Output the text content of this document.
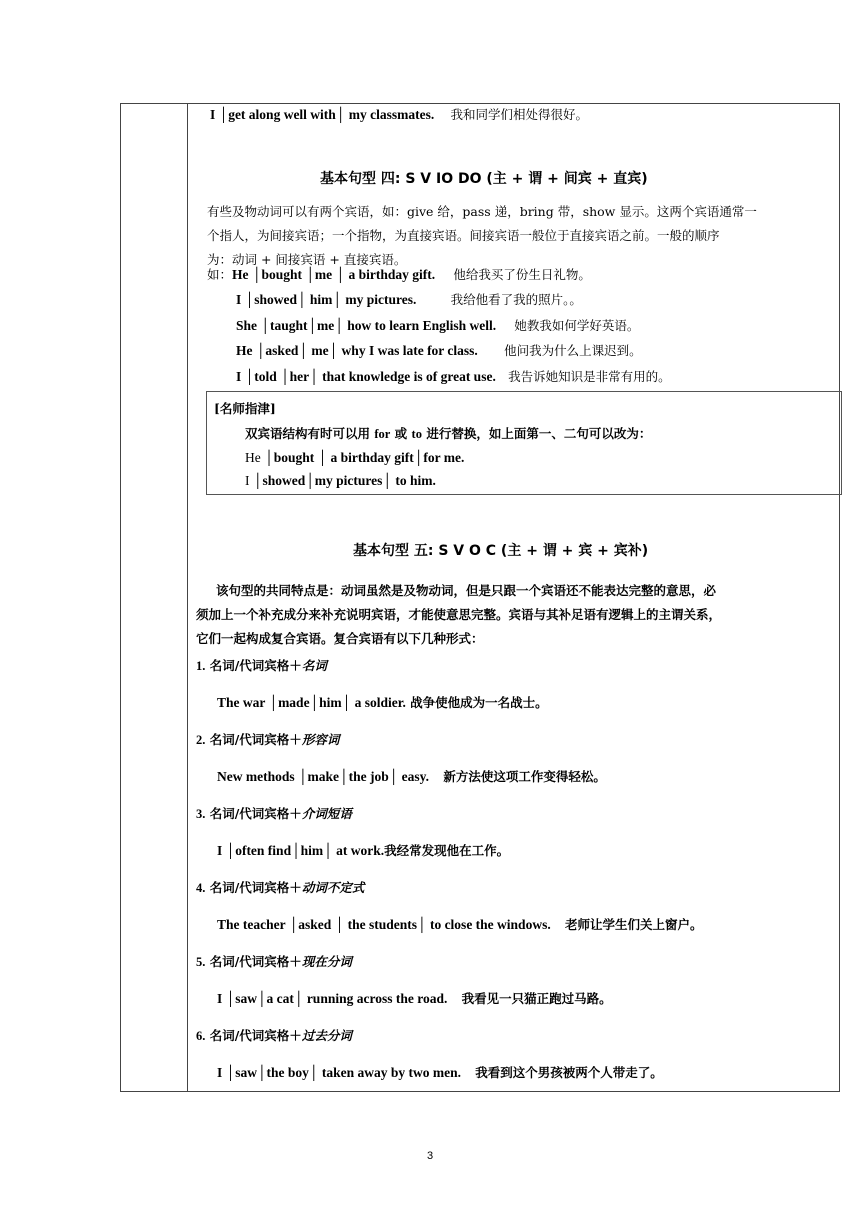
I │get along well with│ my classmates. 我和同学们相处得很好。
基本句型 四: S V IO DO (主 + 谓 + 间宾 + 直宾)
有些及物动词可以有两个宾语，如：give 给，pass 递，bring 带，show 显示。这两个宾语通常一
个指人，为间接宾语；一个指物，为直接宾语。间接宾语一般位于直接宾语之前。一般的顺序
为：动词 + 间接宾语 + 直接宾语。
如：He │bought │me │ a birthday gift. 他给我买了份生日礼物。
I │showed│ him│ my pictures.	我给他看了我的照片。。
She │taught│me│ how to learn English well. 她教我如何学好英语。
He │asked│ me│ why I was late for class. 他问我为什么上课迟到。
I │told │her│ that knowledge is of great use. 我告诉她知识是非常有用的。
[名师指津]
双宾语结构有时可以用 for 或 to 进行替换，如上面第一、二句可以改为：
He │bought │ a birthday gift│for me.
I │showed│my pictures│ to him.
基本句型 五: S V O C (主 + 谓 + 宾 + 宾补)
该句型的共同特点是：动词虽然是及物动词，但是只跟一个宾语还不能表达完整的意思，必
须加上一个补充成分来补充说明宾语，才能使意思完整。宾语与其补足语有逻辑上的主谓关系，
它们一起构成复合宾语。复合宾语有以下几种形式：
1. 名词/代词宾格＋名词
The war │made│him│ a soldier. 战争使他成为一名战士。
2. 名词/代词宾格＋形容词
New methods │make│the job│ easy. 新方法使这项工作变得轻松。
3. 名词/代词宾格＋介词短语
I │often find│him│ at work.我经常发现他在工作。
4. 名词/代词宾格＋动词不定式
The teacher │asked │ the students│ to close the windows. 老师让学生们关上窗户。
5. 名词/代词宾格＋现在分词
I │saw│a cat│ running across the road. 我看见一只猫正跑过马路。
6. 名词/代词宾格＋过去分词
I │saw│the boy│ taken away by two men. 我看到这个男孩被两个人带走了。
3
